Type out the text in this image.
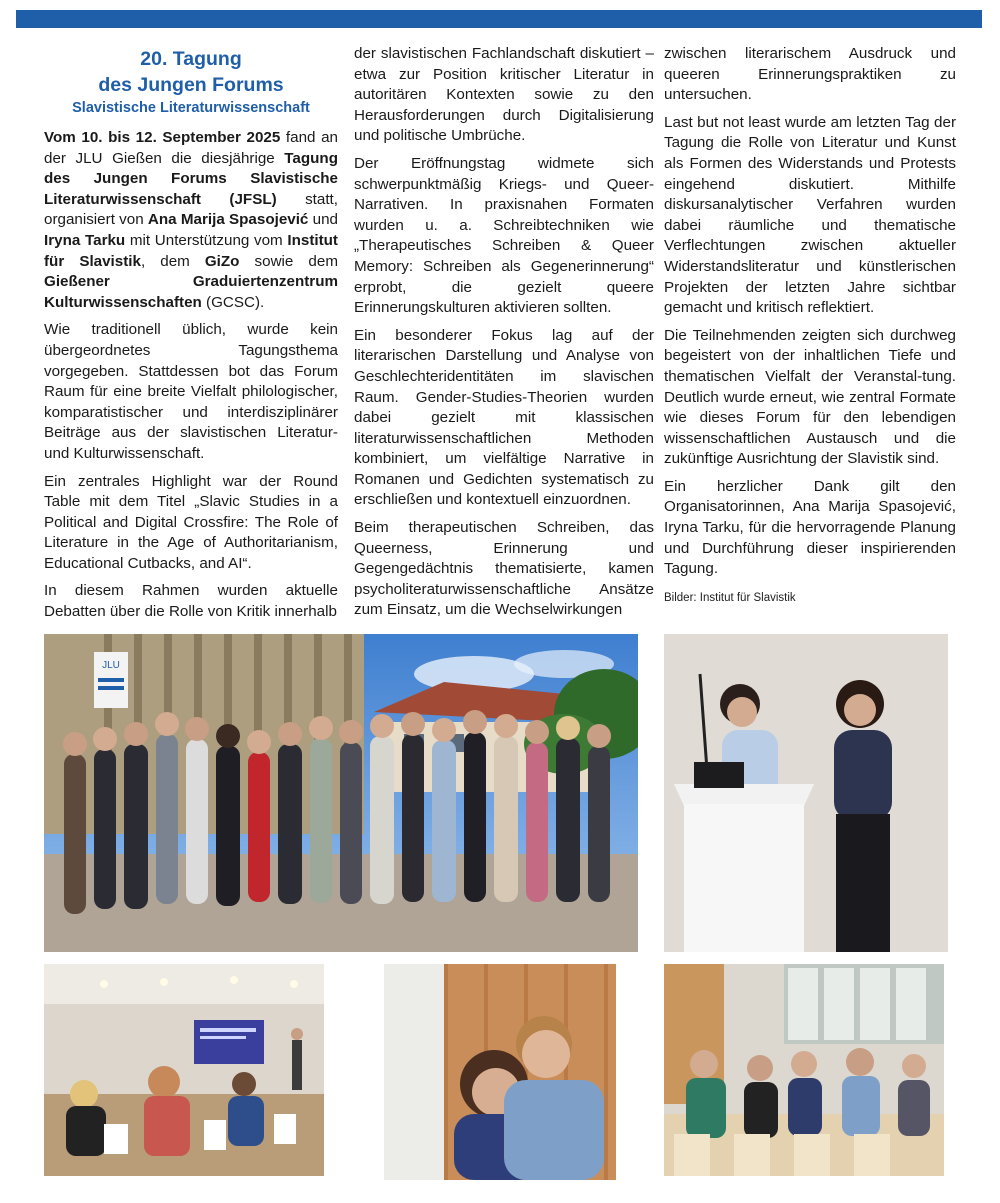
20. Tagung
des Jungen Forums
Slavistische Literaturwissenschaft

Vom 10. bis 12. September 2025 fand an der JLU Gießen die diesjährige Tagung des Jungen Forums Slavistische Literaturwissenschaft (JFSL) statt, organisiert von Ana Marija Spasojević und Iryna Tarku mit Unterstützung vom Institut für Slavistik, dem GiZo sowie dem Gießener Graduiertenzentrum Kulturwissenschaften (GCSC).

Wie traditionell üblich, wurde kein übergeordnetes Tagungsthema vorgegeben. Stattdessen bot das Forum Raum für eine breite Vielfalt philologischer, komparatistischer und interdisziplinärer Beiträge aus der slavistischen Literatur- und Kulturwissenschaft.

Ein zentrales Highlight war der Round Table mit dem Titel „Slavic Studies in a Political and Digital Crossfire: The Role of Literature in the Age of Authoritarianism, Educational Cutbacks, and AI“.

In diesem Rahmen wurden aktuelle Debatten über die Rolle von Kritik innerhalb

der slavistischen Fachlandschaft diskutiert – etwa zur Position kritischer Literatur in autoritären Kontexten sowie zu den Herausforderungen durch Digitalisierung und politische Umbrüche.

Der Eröffnungstag widmete sich schwerpunktmäßig Kriegs- und Queer-Narrativen. In praxisnahen Formaten wurden u. a. Schreibtechniken wie „Therapeutisches Schreiben & Queer Memory: Schreiben als Gegenerinnerung“ erprobt, die gezielt queere Erinnerungskulturen aktivieren sollten.

Ein besonderer Fokus lag auf der literarischen Darstellung und Analyse von Geschlechteridentitäten im slavischen Raum. Gender-Studies-Theorien wurden dabei gezielt mit klassischen literaturwissenschaftlichen Methoden kombiniert, um vielfältige Narrative in Romanen und Gedichten systematisch zu erschließen und kontextuell einzuordnen.

Beim therapeutischen Schreiben, das Queerness, Erinnerung und Gegengedächtnis thematisierte, kamen psycholiteraturwissenschaftliche Ansätze zum Einsatz, um die Wechselwirkungen

zwischen literarischem Ausdruck und queeren Erinnerungspraktiken zu untersuchen.

Last but not least wurde am letzten Tag der Tagung die Rolle von Literatur und Kunst als Formen des Widerstands und Protests eingehend diskutiert. Mithilfe diskursanalytischer Verfahren wurden dabei räumliche und thematische Verflechtungen zwischen aktueller Widerstandsliteratur und künstlerischen Projekten der letzten Jahre sichtbar gemacht und kritisch reflektiert.

Die Teilnehmenden zeigten sich durchweg begeistert von der inhaltlichen Tiefe und thematischen Vielfalt der Veranstal-tung. Deutlich wurde erneut, wie zentral Formate wie dieses Forum für den lebendigen wissenschaftlichen Austausch und die zukünftige Ausrichtung der Slavistik sind.

Ein herzlicher Dank gilt den Organisatorinnen, Ana Marija Spasojević, Iryna Tarku, für die hervorragende Planung und Durchführung dieser inspirierenden Tagung.

Bilder: Institut für Slavistik
JLU
